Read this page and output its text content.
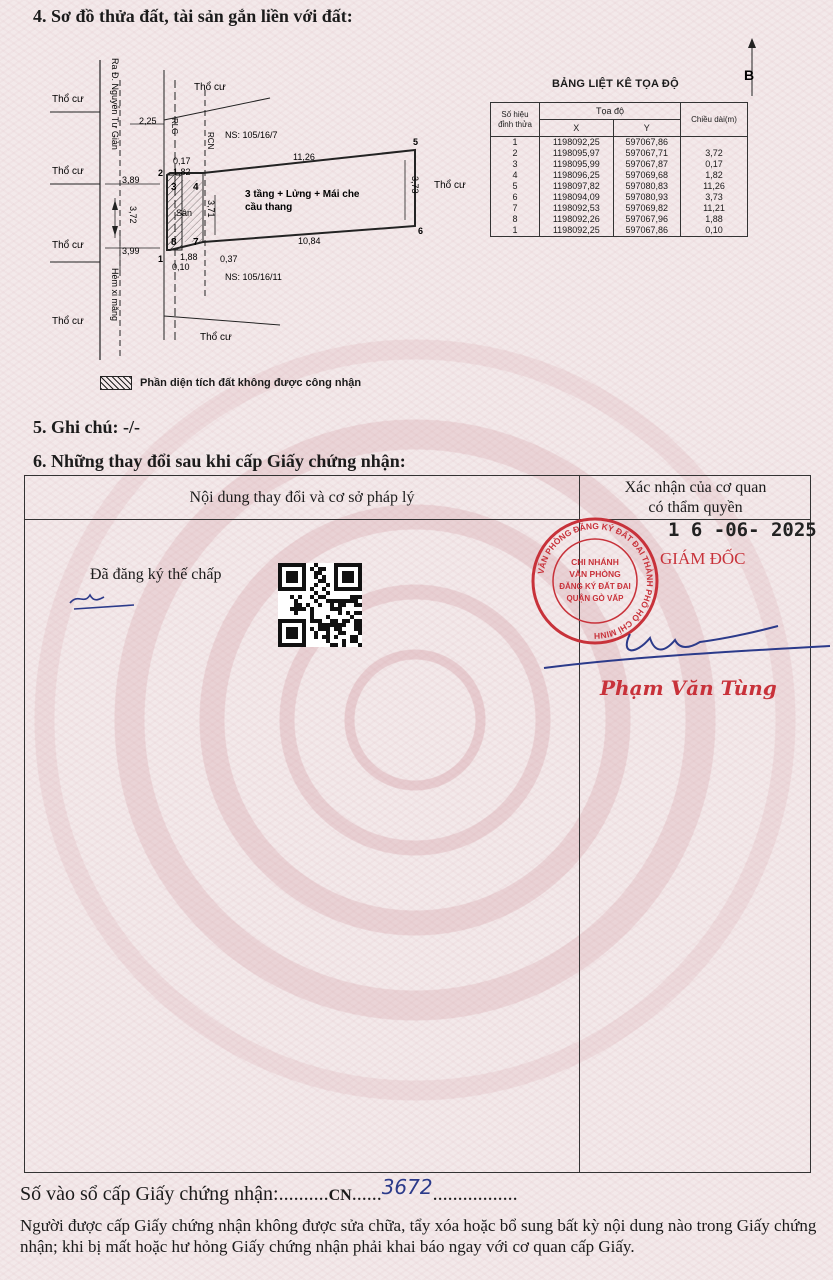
4. Sơ đồ thửa đất, tài sản gắn liền với đất:
Thổ cư
Thổ cư
Thổ cư
Thổ cư
Thổ cư
Thổ cư
Thổ cư
Ra Đ. Nguyễn Tư Giản
Hẻm xi măng
RLG
RCN NS: 105/16/7
NS: 105/16/11
3 tầng + Lửng + Mái che
cầu thang
Sân
2,25
0,17
1,82
3,89
3,72	3,71
3,99
1,88
0,10
0,37
11,26
10,84
3,73
1
2
3 4
5
6
7
8
B
BẢNG LIỆT KÊ TỌA ĐỘ
Số hiệu đỉnh thửa	Tọa độ		Chiều dài(m)
	X	Y	
1	1198092,25	597067,86	
2	1198095,97	597067,71	3,72
3	1198095,99	597067,87	0,17
4	1198096,25	597069,68	1,82
5	1198097,82	597080,83	11,26
6	1198094,09	597080,93	3,73
7	1198092,53	597069,82	11,21
8	1198092,26	597067,96	1,88
1	1198092,25	597067,86	0,10
Phần diện tích đất không được công nhận
5. Ghi chú: -/-
6. Những thay đổi sau khi cấp Giấy chứng nhận:
Nội dung thay đổi và cơ sở pháp lý
Xác nhận của cơ quan
có thẩm quyền
Đã đăng ký thế chấp	VĂN PHÒNG ĐĂNG KÝ ĐẤT ĐAI THÀNH PHỐ HỒ CHÍ MINH
CHI NHÁNH
VĂN PHÒNG
ĐĂNG KÝ ĐẤT ĐAI
QUẬN GÒ VẤP
1 6 -06- 2025
GIÁM ĐỐC
Phạm Văn Tùng
Số vào sổ cấp Giấy chứng nhận:..........CN......3672.................
Người được cấp Giấy chứng nhận không được sửa chữa, tẩy xóa hoặc bổ sung bất kỳ nội dung nào trong Giấy chứng nhận; khi bị mất hoặc hư hỏng Giấy chứng nhận phải khai báo ngay với cơ quan cấp Giấy.
